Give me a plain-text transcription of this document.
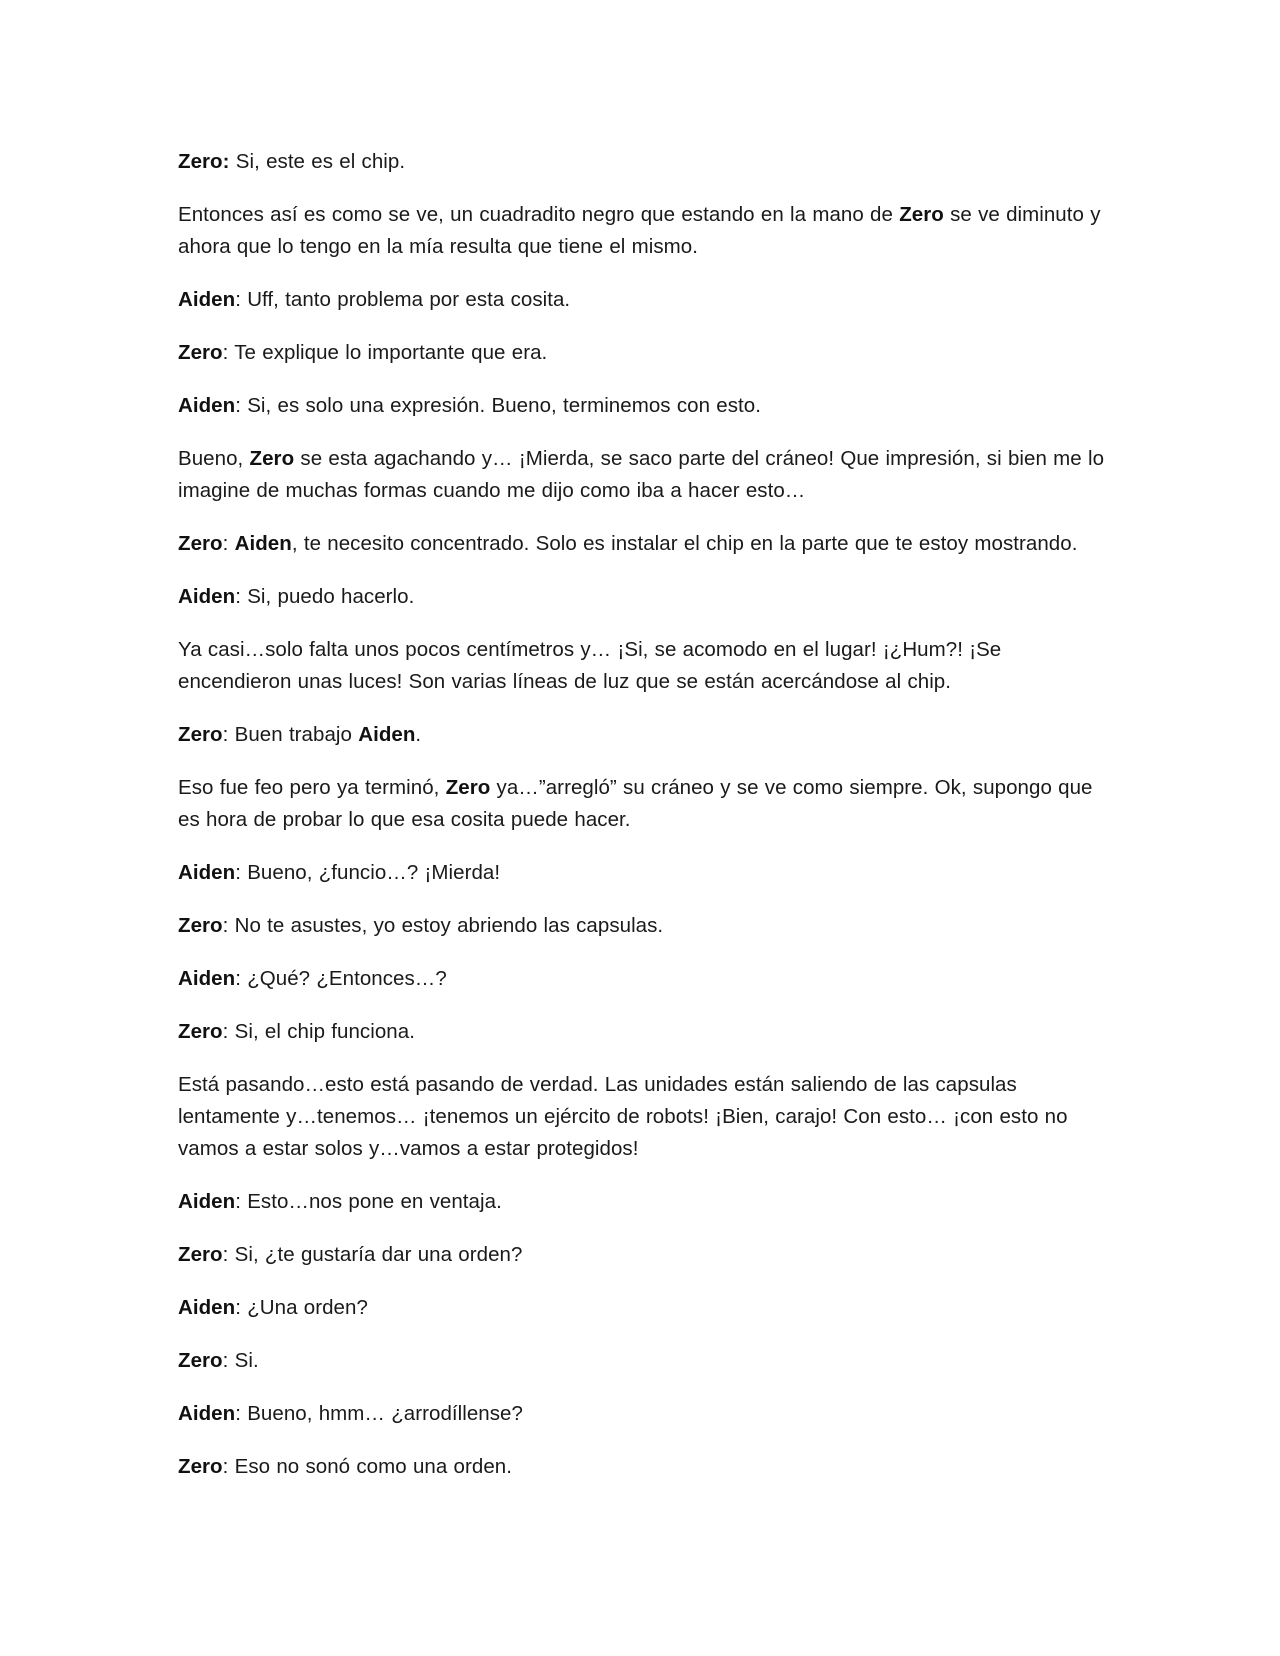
Zero: Si, este es el chip.

Entonces así es como se ve, un cuadradito negro que estando en la mano de Zero se ve diminuto y ahora que lo tengo en la mía resulta que tiene el mismo.

Aiden: Uff, tanto problema por esta cosita.

Zero: Te explique lo importante que era.

Aiden: Si, es solo una expresión. Bueno, terminemos con esto.

Bueno, Zero se esta agachando y… ¡Mierda, se saco parte del cráneo! Que impresión, si bien me lo imagine de muchas formas cuando me dijo como iba a hacer esto…

Zero: Aiden, te necesito concentrado. Solo es instalar el chip en la parte que te estoy mostrando.

Aiden: Si, puedo hacerlo.

Ya casi…solo falta unos pocos centímetros y… ¡Si, se acomodo en el lugar! ¡¿Hum?! ¡Se encendieron unas luces! Son varias líneas de luz que se están acercándose al chip.

Zero: Buen trabajo Aiden.

Eso fue feo pero ya terminó, Zero ya…”arregló” su cráneo y se ve como siempre. Ok, supongo que es hora de probar lo que esa cosita puede hacer.

Aiden: Bueno, ¿funcio…? ¡Mierda!

Zero: No te asustes, yo estoy abriendo las capsulas.

Aiden: ¿Qué? ¿Entonces…?

Zero: Si, el chip funciona.

Está pasando…esto está pasando de verdad. Las unidades están saliendo de las capsulas lentamente y…tenemos… ¡tenemos un ejército de robots! ¡Bien, carajo! Con esto… ¡con esto no vamos a estar solos y…vamos a estar protegidos!

Aiden: Esto…nos pone en ventaja.

Zero: Si, ¿te gustaría dar una orden?

Aiden: ¿Una orden?

Zero: Si.

Aiden: Bueno, hmm… ¿arrodíllense?

Zero: Eso no sonó como una orden.
